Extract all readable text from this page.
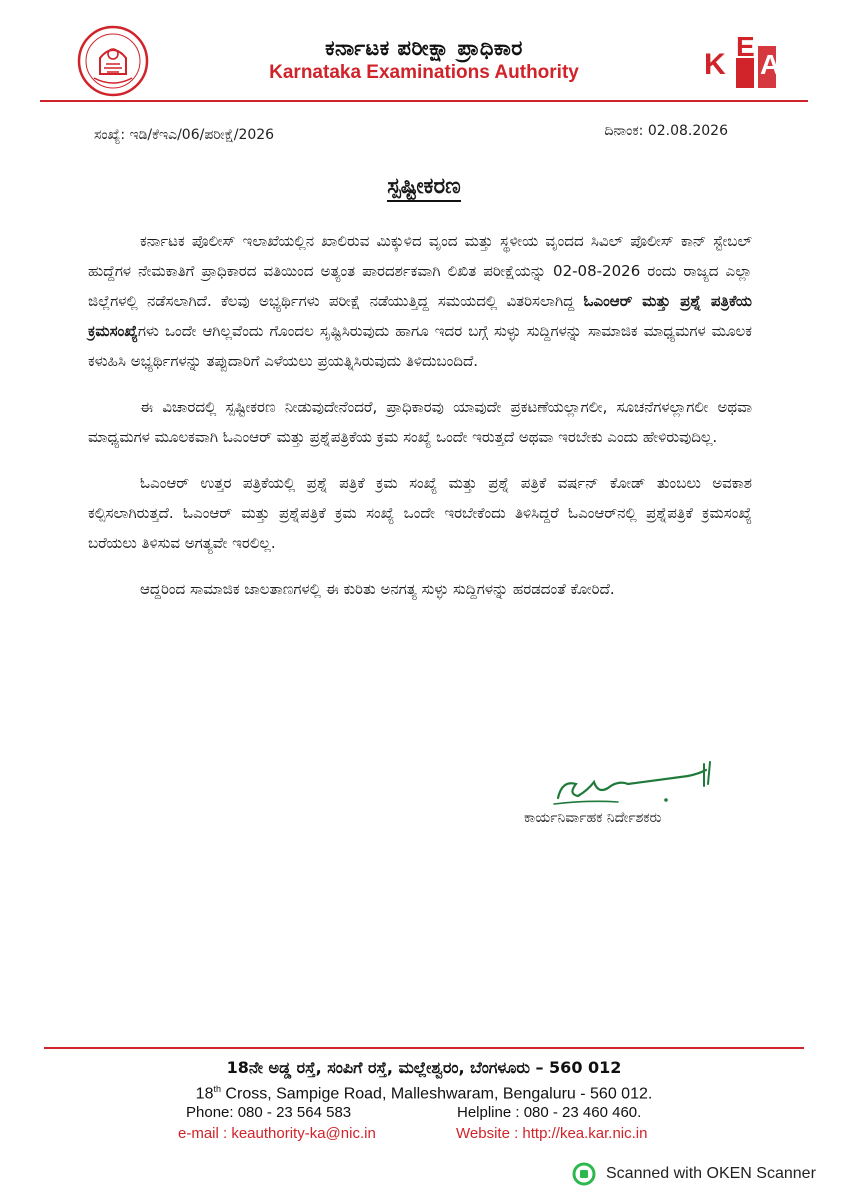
ಕರ್ನಾಟಕ ಪರೀಕ್ಷಾ ಪ್ರಾಧಿಕಾರ
Karnataka Examinations Authority	K
E
A
ಸಂಖ್ಯೆ: ಇಡಿ/ಕೆಇಎ/06/ಪರೀಕ್ಷೆ/2026	ದಿನಾಂಕ: 02.08.2026
ಸ್ಪಷ್ಟೀಕರಣ

ಕರ್ನಾಟಕ ಪೊಲೀಸ್ ಇಲಾಖೆಯಲ್ಲಿನ ಖಾಲಿರುವ ಮಿಕ್ಕುಳಿದ ವೃಂದ ಮತ್ತು ಸ್ಥಳೀಯ ವೃಂದದ ಸಿವಿಲ್ ಪೊಲೀಸ್ ಕಾನ್ ಸ್ಟೇಬಲ್ ಹುದ್ದೆಗಳ ನೇಮಕಾತಿಗೆ ಪ್ರಾಧಿಕಾರದ ವತಿಯಿಂದ ಅತ್ಯಂತ ಪಾರದರ್ಶಕವಾಗಿ ಲಿಖಿತ ಪರೀಕ್ಷೆಯನ್ನು 02-08-2026 ರಂದು ರಾಜ್ಯದ ಎಲ್ಲಾ ಜಿಲ್ಲೆಗಳಲ್ಲಿ ನಡೆಸಲಾಗಿದೆ. ಕೆಲವು ಅಭ್ಯರ್ಥಿಗಳು ಪರೀಕ್ಷೆ ನಡೆಯುತ್ತಿದ್ದ ಸಮಯದಲ್ಲಿ ವಿತರಿಸಲಾಗಿದ್ದ ಓಎಂಆರ್ ಮತ್ತು ಪ್ರಶ್ನೆ ಪತ್ರಿಕೆಯ ಕ್ರಮಸಂಖ್ಯೆಗಳು ಒಂದೇ ಆಗಿಲ್ಲವೆಂದು ಗೊಂದಲ ಸೃಷ್ಟಿಸಿರುವುದು ಹಾಗೂ ಇದರ ಬಗ್ಗೆ ಸುಳ್ಳು ಸುದ್ದಿಗಳನ್ನು ಸಾಮಾಜಿಕ ಮಾಧ್ಯಮಗಳ ಮೂಲಕ ಕಳುಹಿಸಿ ಅಭ್ಯರ್ಥಿಗಳನ್ನು ತಪ್ಪುದಾರಿಗೆ ಎಳೆಯಲು ಪ್ರಯತ್ನಿಸಿರುವುದು ತಿಳಿದುಬಂದಿದೆ.

ಈ ವಿಚಾರದಲ್ಲಿ ಸ್ಪಷ್ಟೀಕರಣ ನೀಡುವುದೇನೆಂದರೆ, ಪ್ರಾಧಿಕಾರವು ಯಾವುದೇ ಪ್ರಕಟಣೆಯಲ್ಲಾಗಲೀ, ಸೂಚನೆಗಳಲ್ಲಾಗಲೀ ಅಥವಾ ಮಾಧ್ಯಮಗಳ ಮೂಲಕವಾಗಿ ಓಎಂಆರ್ ಮತ್ತು ಪ್ರಶ್ನೆಪತ್ರಿಕೆಯ ಕ್ರಮ ಸಂಖ್ಯೆ ಒಂದೇ ಇರುತ್ತದೆ ಅಥವಾ ಇರಬೇಕು ಎಂದು ಹೇಳಿರುವುದಿಲ್ಲ.

ಓಎಂಆರ್ ಉತ್ತರ ಪತ್ರಿಕೆಯಲ್ಲಿ ಪ್ರಶ್ನೆ ಪತ್ರಿಕೆ ಕ್ರಮ ಸಂಖ್ಯೆ ಮತ್ತು ಪ್ರಶ್ನೆ ಪತ್ರಿಕೆ ವರ್ಷನ್ ಕೋಡ್ ತುಂಬಲು ಅವಕಾಶ ಕಲ್ಪಿಸಲಾಗಿರುತ್ತದೆ. ಓಎಂಆರ್ ಮತ್ತು ಪ್ರಶ್ನೆಪತ್ರಿಕೆ ಕ್ರಮ ಸಂಖ್ಯೆ ಒಂದೇ ಇರಬೇಕೆಂದು ತಿಳಿಸಿದ್ದರೆ ಓಎಂಆರ್‌ನಲ್ಲಿ ಪ್ರಶ್ನೆಪತ್ರಿಕೆ ಕ್ರಮಸಂಖ್ಯೆ ಬರೆಯಲು ತಿಳಿಸುವ ಅಗತ್ಯವೇ ಇರಲಿಲ್ಲ.

ಆದ್ದರಿಂದ ಸಾಮಾಜಿಕ ಜಾಲತಾಣಗಳಲ್ಲಿ ಈ ಕುರಿತು ಅನಗತ್ಯ ಸುಳ್ಳು ಸುದ್ದಿಗಳನ್ನು ಹರಡದಂತೆ ಕೋರಿದೆ.

ಕಾರ್ಯನಿರ್ವಾಹಕ ನಿರ್ದೇಶಕರು
18ನೇ ಅಡ್ಡ ರಸ್ತೆ, ಸಂಪಿಗೆ ರಸ್ತೆ, ಮಲ್ಲೇಶ್ವರಂ, ಬೆಂಗಳೂರು – 560 012
18th Cross, Sampige Road, Malleshwaram, Bengaluru - 560 012.
Phone: 080 - 23 564 583	Helpline : 080 - 23 460 460.
e-mail : keauthority-ka@nic.in	Website : http://kea.kar.nic.in
Scanned with OKEN Scanner
